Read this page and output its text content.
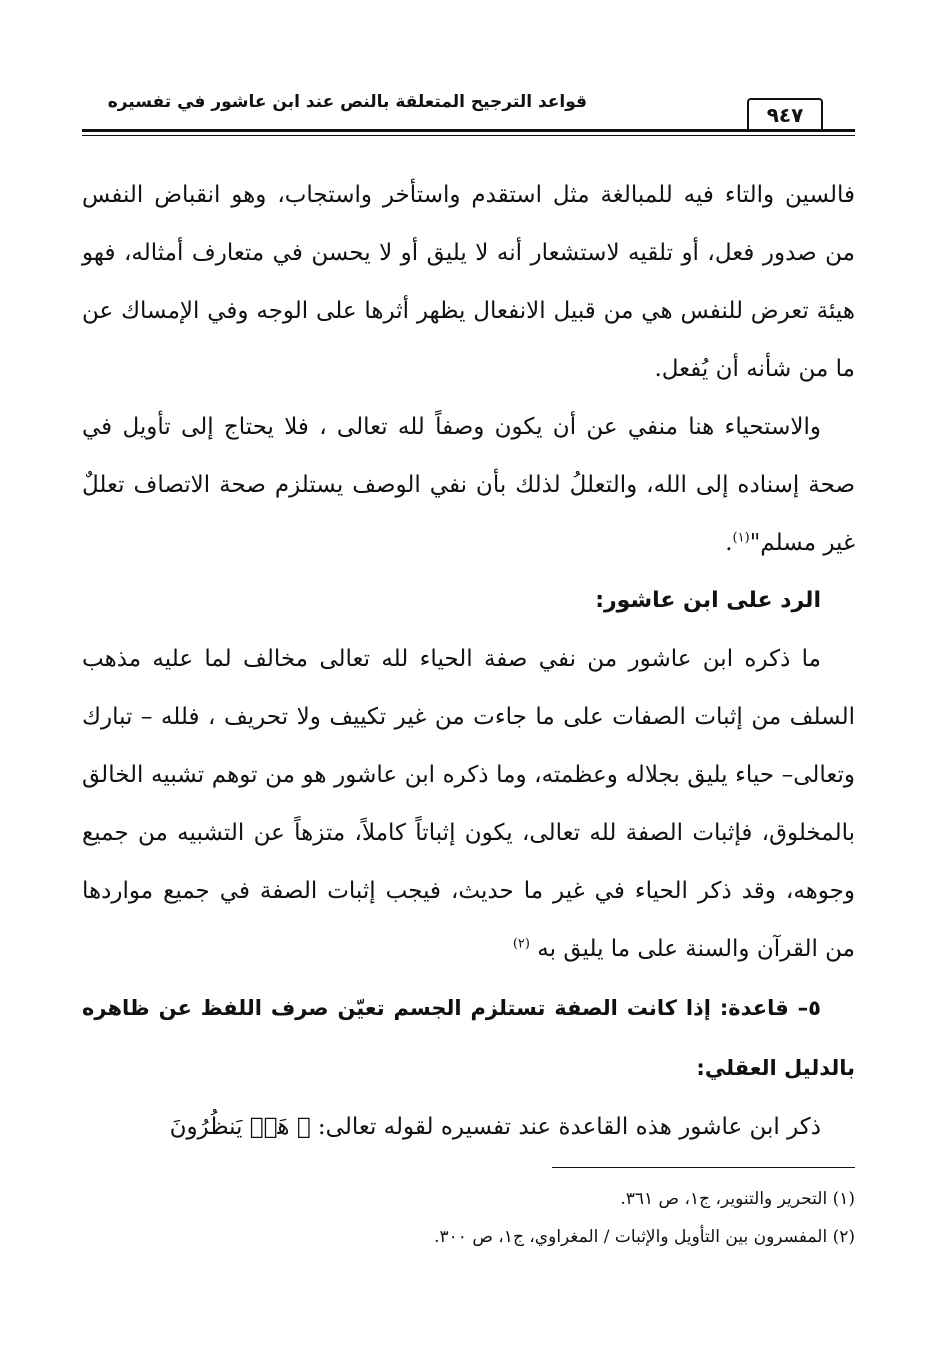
قواعد الترجيح المتعلقة بالنص عند ابن عاشور في تفسيره
٩٤٧

فالسين والتاء فيه للمبالغة مثل استقدم واستأخر واستجاب، وهو انقباض النفس من صدور فعل، أو تلقيه لاستشعار أنه لا يليق أو لا يحسن في متعارف أمثاله، فهو هيئة تعرض للنفس هي من قبيل الانفعال يظهر أثرها على الوجه وفي الإمساك عن ما من شأنه أن يُفعل.

والاستحياء هنا منفي عن أن يكون وصفاً لله تعالى ، فلا يحتاج إلى تأويل في صحة إسناده إلى الله، والتعللُ لذلك بأن نفي الوصف يستلزم صحة الاتصاف تعللٌ غير مسلم"$^{(١)}$.

الرد على ابن عاشور:

ما ذكره ابن عاشور من نفي صفة الحياء لله تعالى مخالف لما عليه مذهب السلف من إثبات الصفات على ما جاءت من غير تكييف ولا تحريف ، فلله – تبارك وتعالى– حياء يليق بجلاله وعظمته، وما ذكره ابن عاشور هو من توهم تشبيه الخالق بالمخلوق، فإثبات الصفة لله تعالى، يكون إثباتاً كاملاً، متزهاً عن التشبيه من جميع وجوهه، وقد ذكر الحياء في غير ما حديث، فيجب إثبات الصفة في جميع مواردها من القرآن والسنة على ما يليق به $^{(٢)}$

٥– قاعدة: إذا كانت الصفة تستلزم الجسم تعيّن صرف اللفظ عن ظاهره بالدليل العقلي:

ذكر ابن عاشور هذه القاعدة عند تفسيره لقوله تعالى: ﴿ هَلۡ يَنظُرُونَ

(١) التحرير والتنوير، ج١، ص ٣٦١.

(٢) المفسرون بين التأويل والإثبات / المغراوي، ج١، ص ٣٠٠.
